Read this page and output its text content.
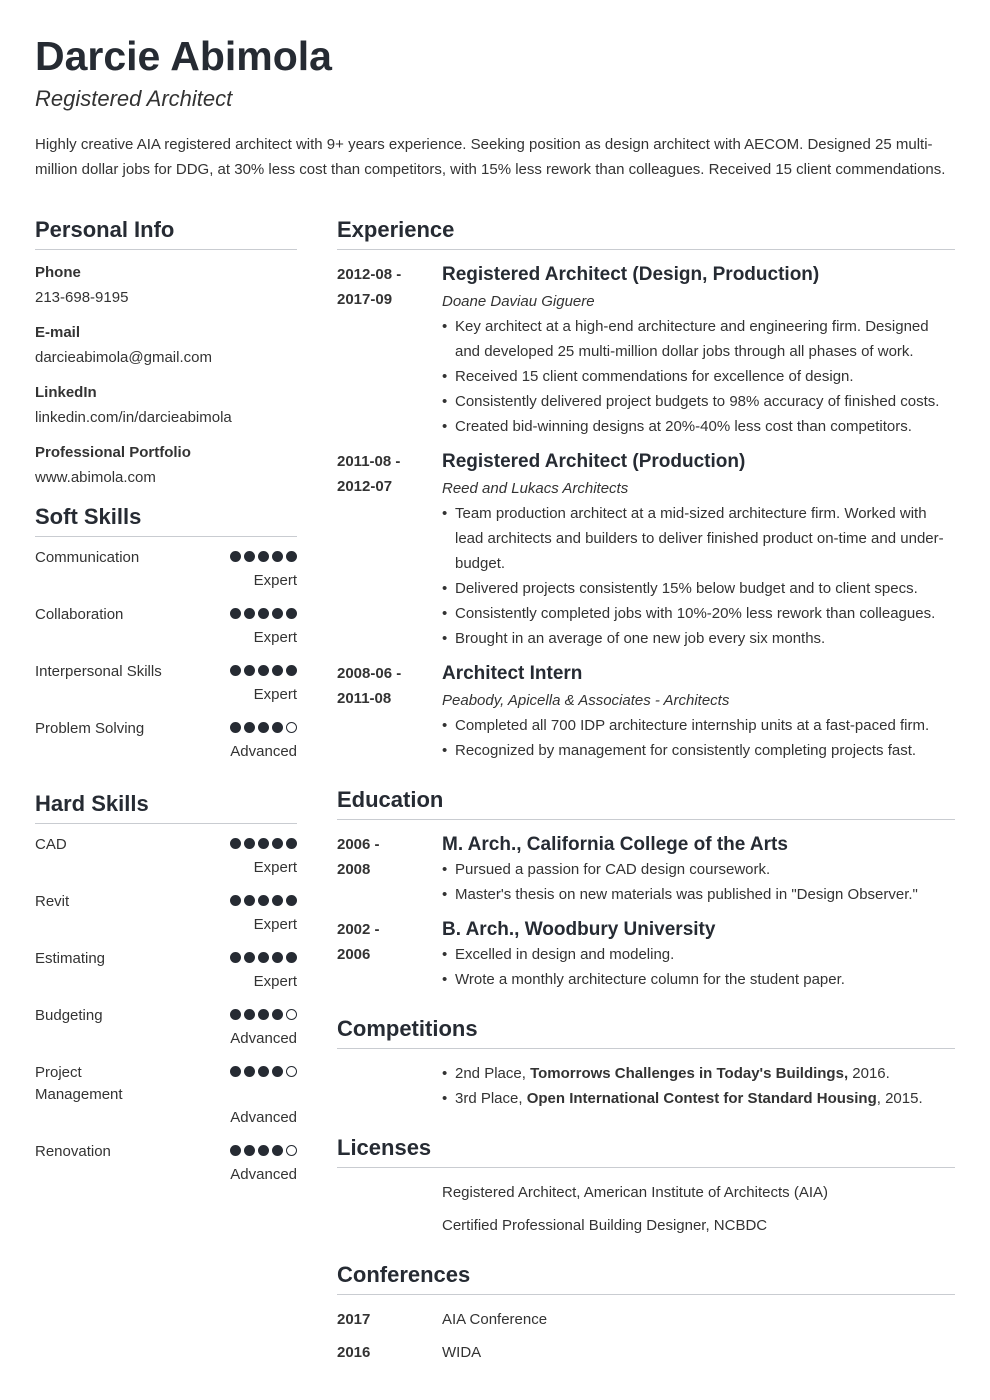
Darcie Abimola
Registered Architect
Highly creative AIA registered architect with 9+ years experience. Seeking position as design architect with AECOM. Designed 25 multi-million dollar jobs for DDG, at 30% less cost than competitors, with 15% less rework than colleagues. Received 15 client commendations.
Personal Info
Phone
213-698-9195
E-mail
darcieabimola@gmail.com
LinkedIn
linkedin.com/in/darcieabimola
Professional Portfolio
www.abimola.com
Soft Skills
Communication
Expert
Collaboration
Expert
Interpersonal Skills
Expert
Problem Solving
Advanced
Hard Skills
CAD
Expert
Revit
Expert
Estimating
Expert
Budgeting
Advanced
Project Management
Advanced
Renovation
Advanced
Experience
2012-08 -
2017-09
Registered Architect (Design, Production)
Doane Daviau Giguere
• Key architect at a high-end architecture and engineering firm. Designed and developed 25 multi-million dollar jobs through all phases of work.
• Received 15 client commendations for excellence of design.
• Consistently delivered project budgets to 98% accuracy of finished costs.
• Created bid-winning designs at 20%-40% less cost than competitors.
2011-08 -
2012-07
Registered Architect (Production)
Reed and Lukacs Architects
• Team production architect at a mid-sized architecture firm. Worked with lead architects and builders to deliver finished product on-time and under-budget.
• Delivered projects consistently 15% below budget and to client specs.
• Consistently completed jobs with 10%-20% less rework than colleagues.
• Brought in an average of one new job every six months.
2008-06 -
2011-08
Architect Intern
Peabody, Apicella & Associates - Architects
• Completed all 700 IDP architecture internship units at a fast-paced firm.
• Recognized by management for consistently completing projects fast.
Education
2006 -
2008
M. Arch., California College of the Arts
• Pursued a passion for CAD design coursework.
• Master's thesis on new materials was published in "Design Observer."
2002 -
2006
B. Arch., Woodbury University
• Excelled in design and modeling.
• Wrote a monthly architecture column for the student paper.
Competitions
• 2nd Place, Tomorrows Challenges in Today's Buildings, 2016.
• 3rd Place, Open International Contest for Standard Housing, 2015.
Licenses
Registered Architect, American Institute of Architects (AIA)
Certified Professional Building Designer, NCBDC
Conferences
2017	AIA Conference
2016	WIDA
